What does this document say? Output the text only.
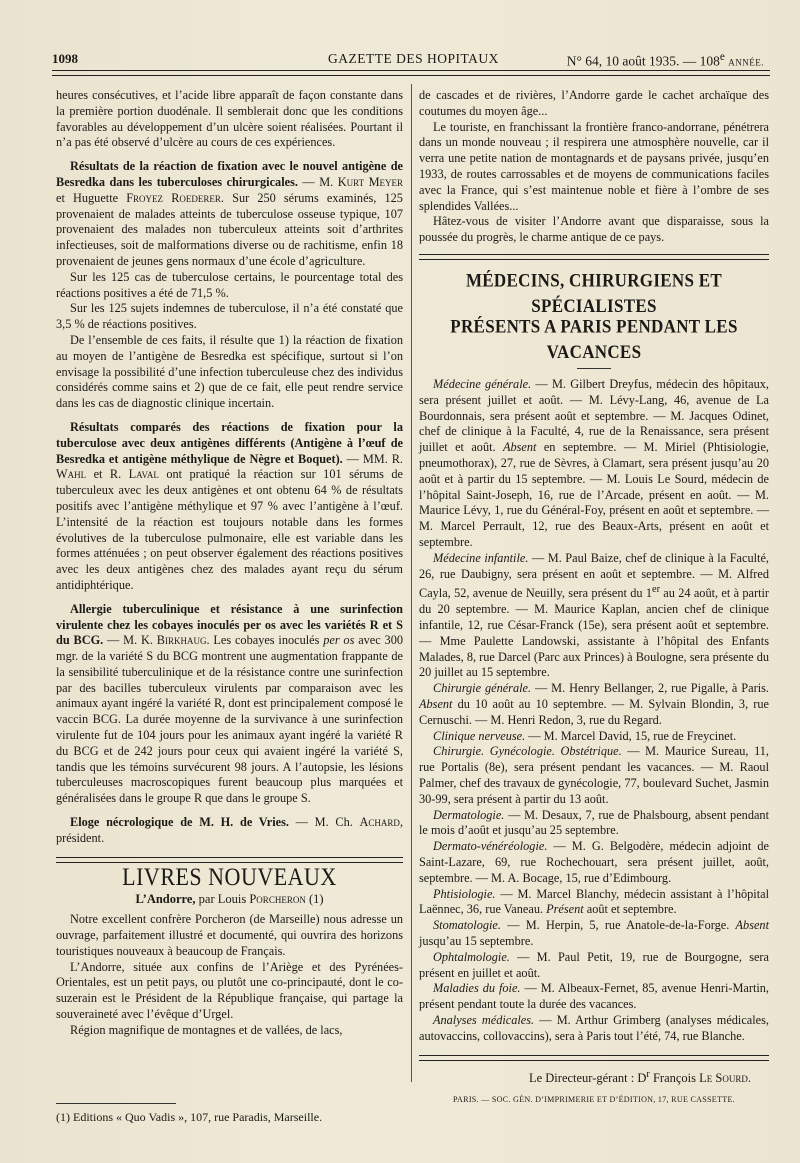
1098	GAZETTE DES HOPITAUX	N° 64, 10 août 1935. — 108e ANNÉE.

heures consécutives, et l’acide libre apparaît de façon constante dans la première portion duodénale. Il semblerait donc que les conditions favorables au développement d’un ulcère soient réalisées. Pourtant il n’a pas été observé d’ulcère au cours de ces expériences.

Résultats de la réaction de fixation avec le nouvel antigène de Besredka dans les tuberculoses chirurgicales. — M. Kurt Meyer et Huguette Froyez Roederer. Sur 250 sérums examinés, 125 provenaient de malades atteints de tuberculose osseuse typique, 107 provenaient des malades non tuberculeux atteints soit d’arthrites infectieuses, soit de malformations diverse ou de rachitisme, enfin 18 provenaient de jeunes gens normaux d’une école d’agriculture.

Sur les 125 cas de tuberculose certains, le pourcentage total des réactions positives a été de 71,5 %.

Sur les 125 sujets indemnes de tuberculose, il n’a été constaté que 3,5 % de réactions positives.

De l’ensemble de ces faits, il résulte que 1) la réaction de fixation au moyen de l’antigène de Besredka est spécifique, surtout si l’on envisage la possibilité d’une infection tuberculeuse chez des individus considérés comme sains et 2) que de ce fait, elle peut rendre service dans les cas de diagnostic clinique incertain.

Résultats comparés des réactions de fixation pour la tuberculose avec deux antigènes différents (Antigène à l’œuf de Besredka et antigène méthylique de Nègre et Boquet). — MM. R. Wahl et R. Laval ont pratiqué la réaction sur 101 sérums de tuberculeux avec les deux antigènes et ont obtenu 64 % de résultats positifs avec l’antigène méthylique et 97 % avec l’antigène à l’œuf. L’intensité de la réaction est toujours notable dans les formes évolutives de la tuberculose pulmonaire, elle est variable dans les formes atténuées ; on peut observer également des réactions positives avec les deux antigènes chez des malades ayant reçu du sérum antidiphtérique.

Allergie tuberculinique et résistance à une surinfection virulente chez les cobayes inoculés per os avec les variétés R et S du BCG. — M. K. Birkhaug. Les cobayes inoculés per os avec 300 mgr. de la variété S du BCG montrent une augmentation frappante de la sensibilité tuberculinique et de la résistance contre une surinfection par des bacilles tuberculeux virulents par comparaison avec les animaux ayant ingéré la variété R, dont est principalement composé le vaccin BCG. La durée moyenne de la survivance à une surinfection virulente fut de 104 jours pour les animaux ayant ingéré la variété R du BCG et de 242 jours pour ceux qui avaient ingéré la variété S, tandis que les témoins survécurent 98 jours. A l’autopsie, les lésions tuberculeuses macroscopiques furent beaucoup plus marquées et généralisées dans le groupe R que dans le groupe S.

Eloge nécrologique de M. H. de Vries. — M. Ch. Achard, président.

LIVRES NOUVEAUX
L’Andorre, par Louis Porcheron (1)

Notre excellent confrère Porcheron (de Marseille) nous adresse un ouvrage, parfaitement illustré et documenté, qui ouvrira des horizons touristiques nouveaux à beaucoup de Français.

L’Andorre, située aux confins de l’Ariège et des Pyrénées-Orientales, est un petit pays, ou plutôt une co-principauté, dont le co-suzerain est le Président de la République française, qui partage la souveraineté avec l’évêque d’Urgel.

Région magnifique de montagnes et de vallées, de lacs,

(1) Editions « Quo Vadis », 107, rue Paradis, Marseille.

de cascades et de rivières, l’Andorre garde le cachet archaïque des coutumes du moyen âge...

Le touriste, en franchissant la frontière franco-andorrane, pénétrera dans un monde nouveau ; il respirera une atmosphère nouvelle, car il verra une petite nation de montagnards et de paysans privée, jusqu’en 1933, de routes carrossables et de moyens de communications faciles avec la France, qui s’est maintenue noble et fière à l’ombre de ses splendides Vallées...

Hâtez-vous de visiter l’Andorre avant que disparaisse, sous la poussée du progrès, le charme antique de ce pays.

MÉDECINS, CHIRURGIENS ET SPÉCIALISTES
PRÉSENTS A PARIS PENDANT LES VACANCES

Médecine générale. — M. Gilbert Dreyfus, médecin des hôpitaux, sera présent juillet et août. — M. Lévy-Lang, 46, avenue de La Bourdonnais, sera présent août et septembre. — M. Jacques Odinet, chef de clinique à la Faculté, 4, rue de la Renaissance, sera présent juillet et août. Absent en septembre. — M. Miriel (Phtisiologie, pneumothorax), 27, rue de Sèvres, à Clamart, sera présent jusqu’au 20 août et à partir du 15 septembre. — M. Louis Le Sourd, médecin de l’hôpital Saint-Joseph, 16, rue de l’Arcade, présent en août. — M. Maurice Lévy, 1, rue du Général-Foy, présent en août et septembre. — M. Marcel Perrault, 12, rue des Beaux-Arts, présent en août et septembre.

Médecine infantile. — M. Paul Baize, chef de clinique à la Faculté, 26, rue Daubigny, sera présent en août et septembre. — M. Alfred Cayla, 52, avenue de Neuilly, sera présent du 1er au 24 août, et à partir du 20 septembre. — M. Maurice Kaplan, ancien chef de clinique infantile, 12, rue César-Franck (15e), sera présent août et septembre. — Mme Paulette Landowski, assistante à l’hôpital des Enfants Malades, 8, rue Darcel (Parc aux Princes) à Boulogne, sera présente du 20 juillet au 15 septembre.

Chirurgie générale. — M. Henry Bellanger, 2, rue Pigalle, à Paris. Absent du 10 août au 10 septembre. — M. Sylvain Blondin, 3, rue Cernuschi. — M. Henri Redon, 3, rue du Regard.

Clinique nerveuse. — M. Marcel David, 15, rue de Freycinet.

Chirurgie. Gynécologie. Obstétrique. — M. Maurice Sureau, 11, rue Portalis (8e), sera présent pendant les vacances. — M. Raoul Palmer, chef des travaux de gynécologie, 77, boulevard Suchet, Jasmin 30-99, sera présent à partir du 13 août.

Dermatologie. — M. Desaux, 7, rue de Phalsbourg, absent pendant le mois d’août et jusqu’au 25 septembre.

Dermato-vénéréologie. — M. G. Belgodère, médecin adjoint de Saint-Lazare, 69, rue Rochechouart, sera présent juillet, août, septembre. — M. A. Bocage, 15, rue d’Edimbourg.

Phtisiologie. — M. Marcel Blanchy, médecin assistant à l’hôpital Laënnec, 36, rue Vaneau. Présent août et septembre.

Stomatologie. — M. Herpin, 5, rue Anatole-de-la-Forge. Absent jusqu’au 15 septembre.

Ophtalmologie. — M. Paul Petit, 19, rue de Bourgogne, sera présent en juillet et août.

Maladies du foie. — M. Albeaux-Fernet, 85, avenue Henri-Martin, présent pendant toute la durée des vacances.

Analyses médicales. — M. Arthur Grimberg (analyses médicales, autovaccins, collovaccins), sera à Paris tout l’été, 74, rue Blanche.

Le Directeur-gérant : $D^r$ François Le Sourd.
PARIS. — SOC. GÉN. D’IMPRIMERIE ET D’ÉDITION, 17, RUE CASSETTE.
